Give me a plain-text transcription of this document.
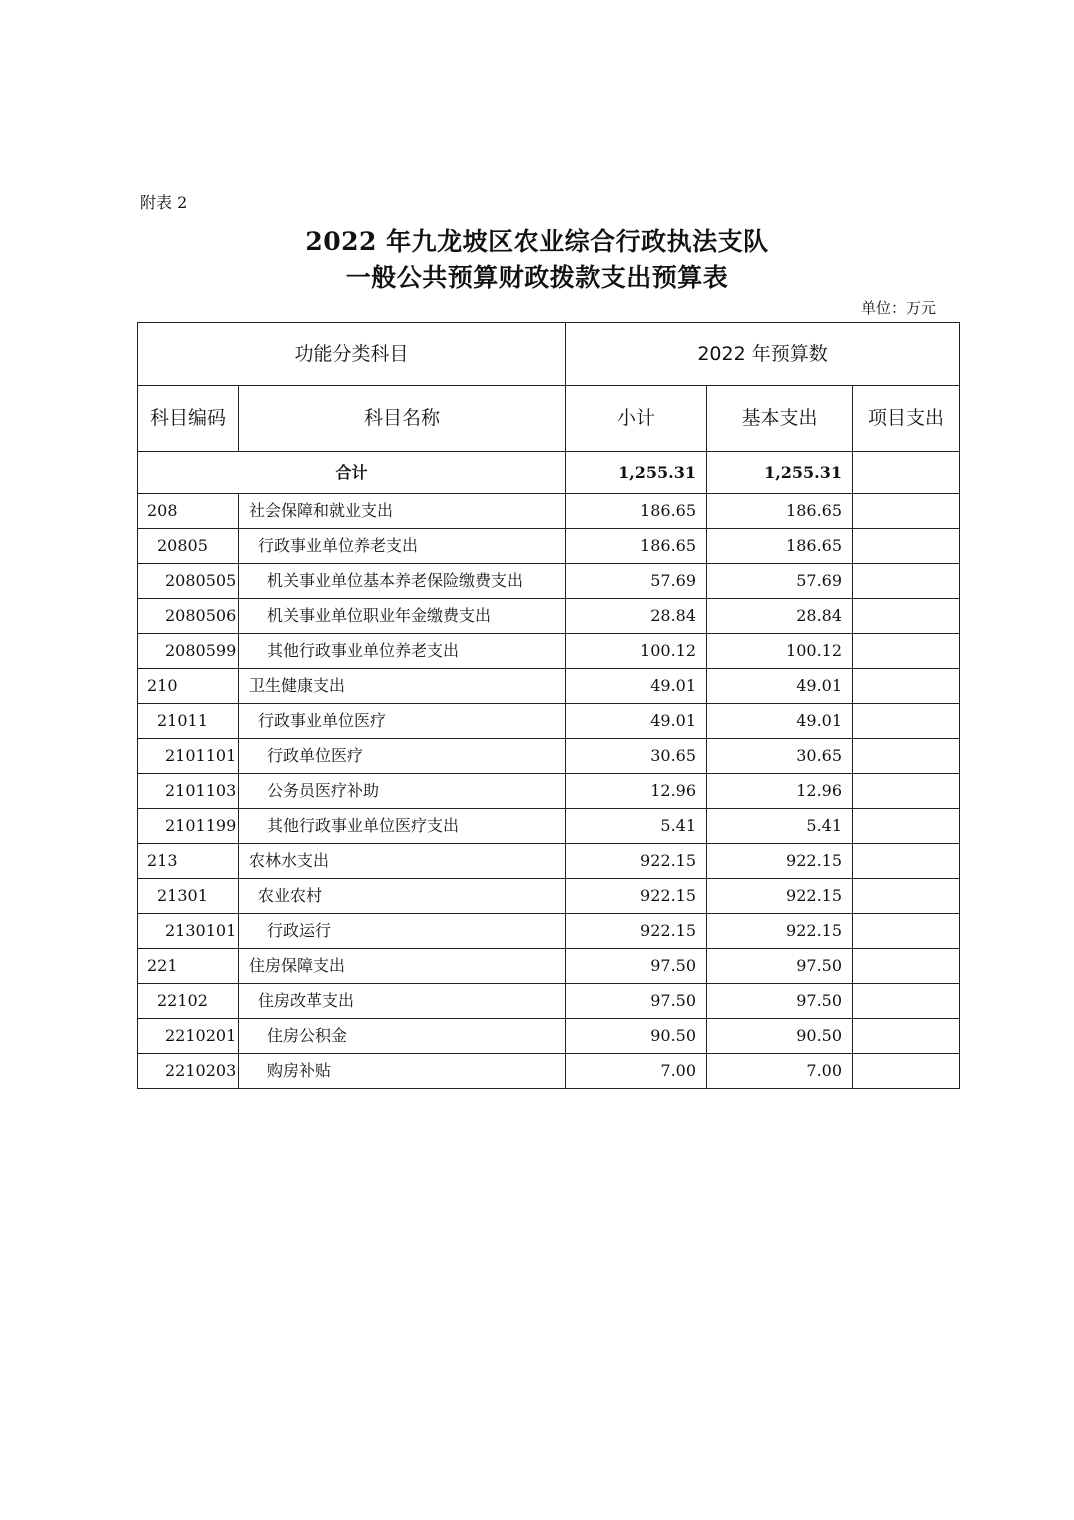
附表 2
2022 年九龙坡区农业综合行政执法支队
一般公共预算财政拨款支出预算表
单位：万元
功能分类科目		2022 年预算数		
科目编码	科目名称	小计	基本支出	项目支出
合计		1,255.31	1,255.31	
208	社会保障和就业支出	186.65	186.65	
20805	行政事业单位养老支出	186.65	186.65	
2080505	机关事业单位基本养老保险缴费支出	57.69	57.69	
2080506	机关事业单位职业年金缴费支出	28.84	28.84	
2080599	其他行政事业单位养老支出	100.12	100.12	
210	卫生健康支出	49.01	49.01	
21011	行政事业单位医疗	49.01	49.01	
2101101	行政单位医疗	30.65	30.65	
2101103	公务员医疗补助	12.96	12.96	
2101199	其他行政事业单位医疗支出	5.41	5.41	
213	农林水支出	922.15	922.15	
21301	农业农村	922.15	922.15	
2130101	行政运行	922.15	922.15	
221	住房保障支出	97.50	97.50	
22102	住房改革支出	97.50	97.50	
2210201	住房公积金	90.50	90.50	
2210203	购房补贴	7.00	7.00	
